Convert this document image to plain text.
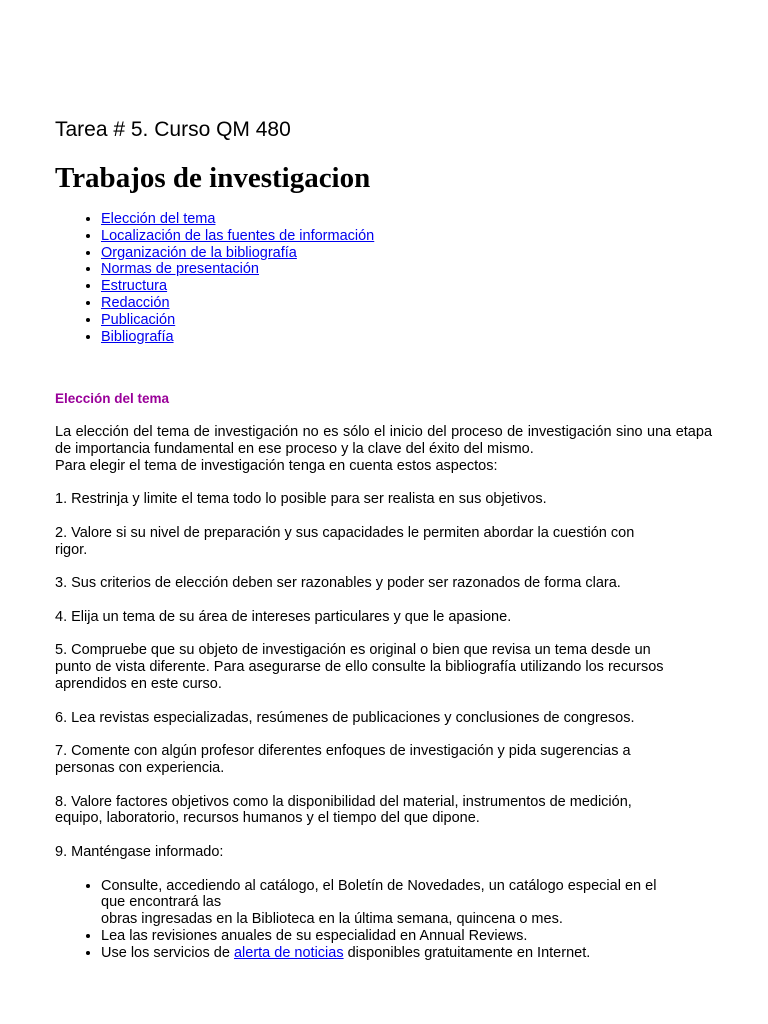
Tarea # 5. Curso QM 480
Trabajos de investigacion
• Elección del tema
• Localización de las fuentes de información
• Organización de la bibliografía
• Normas de presentación
• Estructura
• Redacción
• Publicación
• Bibliografía
Elección del tema

La elección del tema de investigación no es sólo el inicio del proceso de investigación sino una etapa de importancia fundamental en ese proceso y la clave del éxito del mismo.
Para elegir el tema de investigación tenga en cuenta estos aspectos:

1. Restrinja y limite el tema todo lo posible para ser realista en sus objetivos.

2. Valore si su nivel de preparación y sus capacidades le permiten abordar la cuestión con
rigor.

3. Sus criterios de elección deben ser razonables y poder ser razonados de forma clara.

4. Elija un tema de su área de intereses particulares y que le apasione.

5. Compruebe que su objeto de investigación es original o bien que revisa un tema desde un
punto de vista diferente. Para asegurarse de ello consulte la bibliografía utilizando los recursos
aprendidos en este curso.

6. Lea revistas especializadas, resúmenes de publicaciones y conclusiones de congresos.

7. Comente con algún profesor diferentes enfoques de investigación y pida sugerencias a
personas con experiencia.

8. Valore factores objetivos como la disponibilidad del material, instrumentos de medición,
equipo, laboratorio, recursos humanos y el tiempo del que dipone.

9. Manténgase informado:

• Consulte, accediendo al catálogo, el Boletín de Novedades, un catálogo especial en el
que encontrará las
obras ingresadas en la Biblioteca en la última semana, quincena o mes.
• Lea las revisiones anuales de su especialidad en Annual Reviews.
• Use los servicios de alerta de noticias disponibles gratuitamente en Internet.
